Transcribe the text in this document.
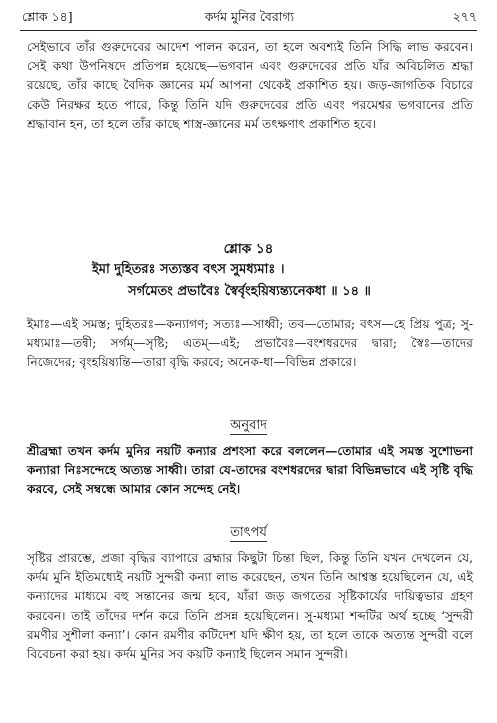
শ্লোক ১৪]	কর্দম মুনির বৈরাগ্য	২৭৭

সেইভাবে তাঁর গুরুদেবের আদেশ পালন করেন, তা হলে অবশ্যই তিনি সিদ্ধি লাভ করবেন। সেই কথা উপনিষদে প্রতিপন্ন হয়েছে—ভগবান এবং গুরুদেবের প্রতি যাঁর অবিচলিত শ্রদ্ধা রয়েছে, তাঁর কাছে বৈদিক জ্ঞানের মর্ম আপনা থেকেই প্রকাশিত হয়। জড়-জাগতিক বিচারে কেউ নিরক্ষর হতে পারে, কিন্তু তিনি যদি গুরুদেবের প্রতি এবং পরমেশ্বর ভগবানের প্রতি শ্রদ্ধাবান হন, তা হলে তাঁর কাছে শাস্ত্র-জ্ঞানের মর্ম তৎক্ষণাৎ প্রকাশিত হবে।

শ্লোক ১৪
ইমা দুহিতরঃ সত্যস্তব বৎস সুমধ্যমাঃ ।
সর্গমেতং প্রভাবৈঃ স্বৈর্বৃংহয়িষ্যন্ত্যনেকধা ॥ ১৪ ॥

ইমাঃ—এই সমস্ত; দুহিতরঃ—কন্যাগণ; সত্যঃ—সাধ্বী; তব—তোমার; বৎস—হে প্রিয় পুত্র; সু-মধ্যমাঃ—তন্বী; সর্গম্—সৃষ্টি; এতম্—এই; প্রভাবৈঃ—বংশধরদের দ্বারা; স্বৈঃ—তাদের নিজেদের; বৃংহয়িষ্যন্তি—তারা বৃদ্ধি করবে; অনেক-ধা—বিভিন্ন প্রকারে।

অনুবাদ

শ্রীব্রহ্মা তখন কর্দম মুনির নয়টি কন্যার প্রশংসা করে বললেন—তোমার এই সমস্ত সুশোভনা কন্যারা নিঃসন্দেহে অত্যন্ত সাধ্বী। তারা যে-তাদের বংশধরদের দ্বারা বিভিন্নভাবে এই সৃষ্টি বৃদ্ধি করবে, সেই সম্বন্ধে আমার কোন সন্দেহ নেই।

তাৎপর্য

সৃষ্টির প্রারম্ভে, প্রজা বৃদ্ধির ব্যাপারে ব্রহ্মার কিছুটা চিন্তা ছিল, কিন্তু তিনি যখন দেখলেন যে, কর্দম মুনি ইতিমধ্যেই নয়টি সুন্দরী কন্যা লাভ করেছেন, তখন তিনি আশ্বস্ত হয়েছিলেন যে, এই কন্যাদের মাধ্যমে বহু সন্তানের জন্ম হবে, যাঁরা জড় জগতের সৃষ্টিকার্যের দায়িত্বভার গ্রহণ করবেন। তাই তাঁদের দর্শন করে তিনি প্রসন্ন হয়েছিলেন। সু-মধ্যমা শব্দটির অর্থ হচ্ছে ‘সুন্দরী রমণীর সুশীলা কন্যা’। কোন রমণীর কটিদেশ যদি ক্ষীণ হয়, তা হলে তাকে অত্যন্ত সুন্দরী বলে বিবেচনা করা হয়। কর্দম মুনির সব কয়টি কন্যাই ছিলেন সমান সুন্দরী।
